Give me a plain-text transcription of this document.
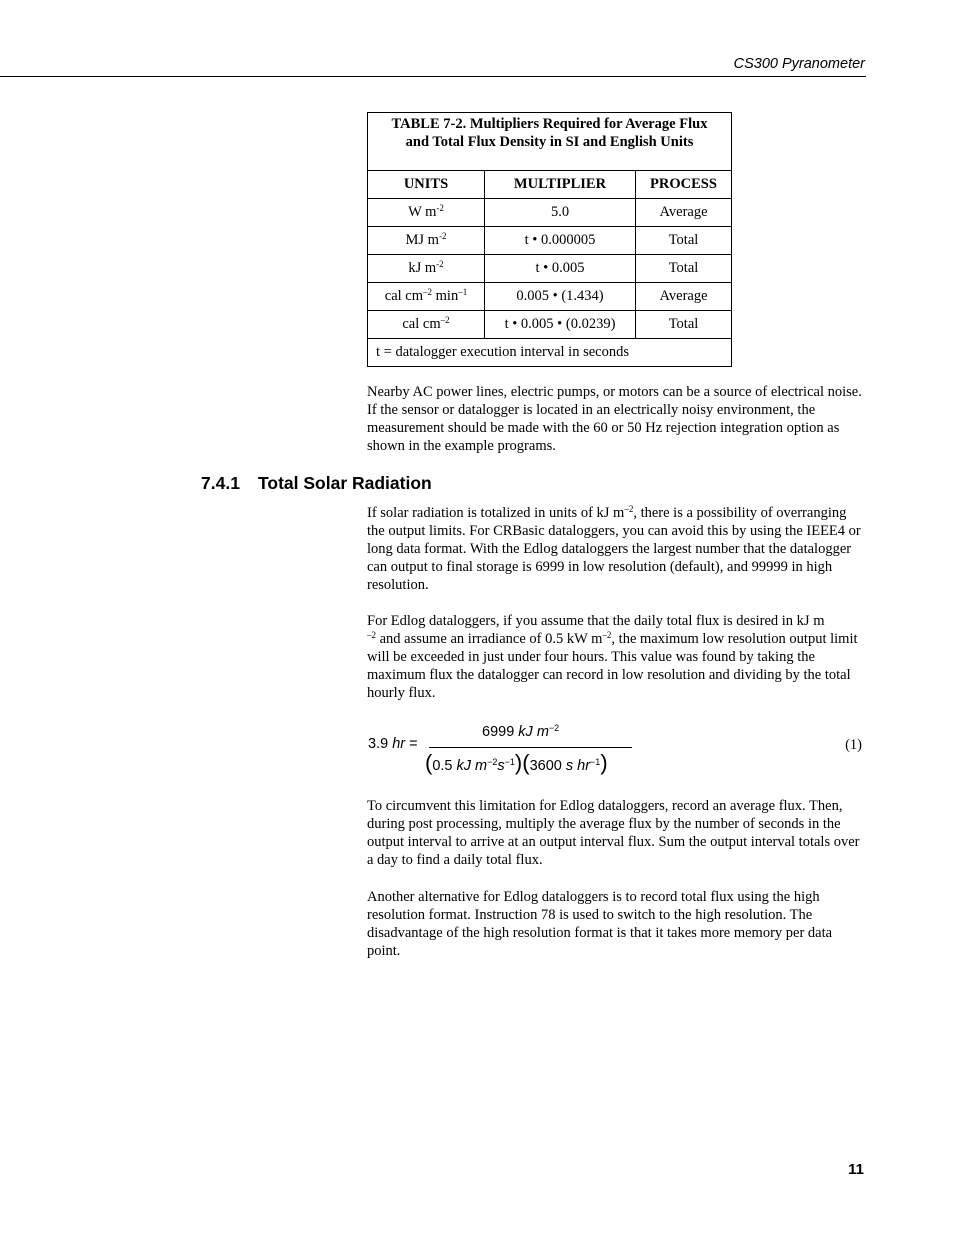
CS300 Pyranometer
TABLE 7-2. Multipliers Required for Average Flux
and Total Flux Density in SI and English Units		

UNITS	MULTIPLIER	PROCESS
W $m^{-2}$	5.0	Average
MJ $m^{-2}$	t • 0.000005	Total
kJ $m^{-2}$	t • 0.005	Total
cal $cm^{-2}$ $\min^{-1}$	0.005 • (1.434)	Average
cal $cm^{-2}$	t • 0.005 • (0.0239)	Total
t = datalogger execution interval in seconds		
Nearby AC power lines, electric pumps, or motors can be a source of electrical noise. If the sensor or datalogger is located in an electrically noisy environment, the measurement should be made with the 60 or 50 Hz rejection integration option as shown in the example programs.
7.4.1 Total Solar Radiation
If solar radiation is totalized in units of kJ $m^{-2}$, there is a possibility of overranging the output limits. For CRBasic dataloggers, you can avoid this by using the IEEE4 or long data format. With the Edlog dataloggers the largest number that the datalogger can output to final storage is 6999 in low resolution (default), and 99999 in high resolution.
For Edlog dataloggers, if you assume that the daily total flux is desired in kJ m
$^{-2}$ and assume an irradiance of 0.5 kW $m^{-2}$, the maximum low resolution output limit will be exceeded in just under four hours. This value was found by taking the maximum flux the datalogger can record in low resolution and dividing by the total hourly flux.
3.9 hr =
6999 kJ $m^{-2}$
(0.5 kJ $m^{-2}s^{-1})(3600$ s $hr^{-1}$)
(1)
To circumvent this limitation for Edlog dataloggers, record an average flux. Then, during post processing, multiply the average flux by the number of seconds in the output interval to arrive at an output interval flux. Sum the output interval totals over a day to find a daily total flux.
Another alternative for Edlog dataloggers is to record total flux using the high resolution format. Instruction 78 is used to switch to the high resolution. The disadvantage of the high resolution format is that it takes more memory per data point.
11
